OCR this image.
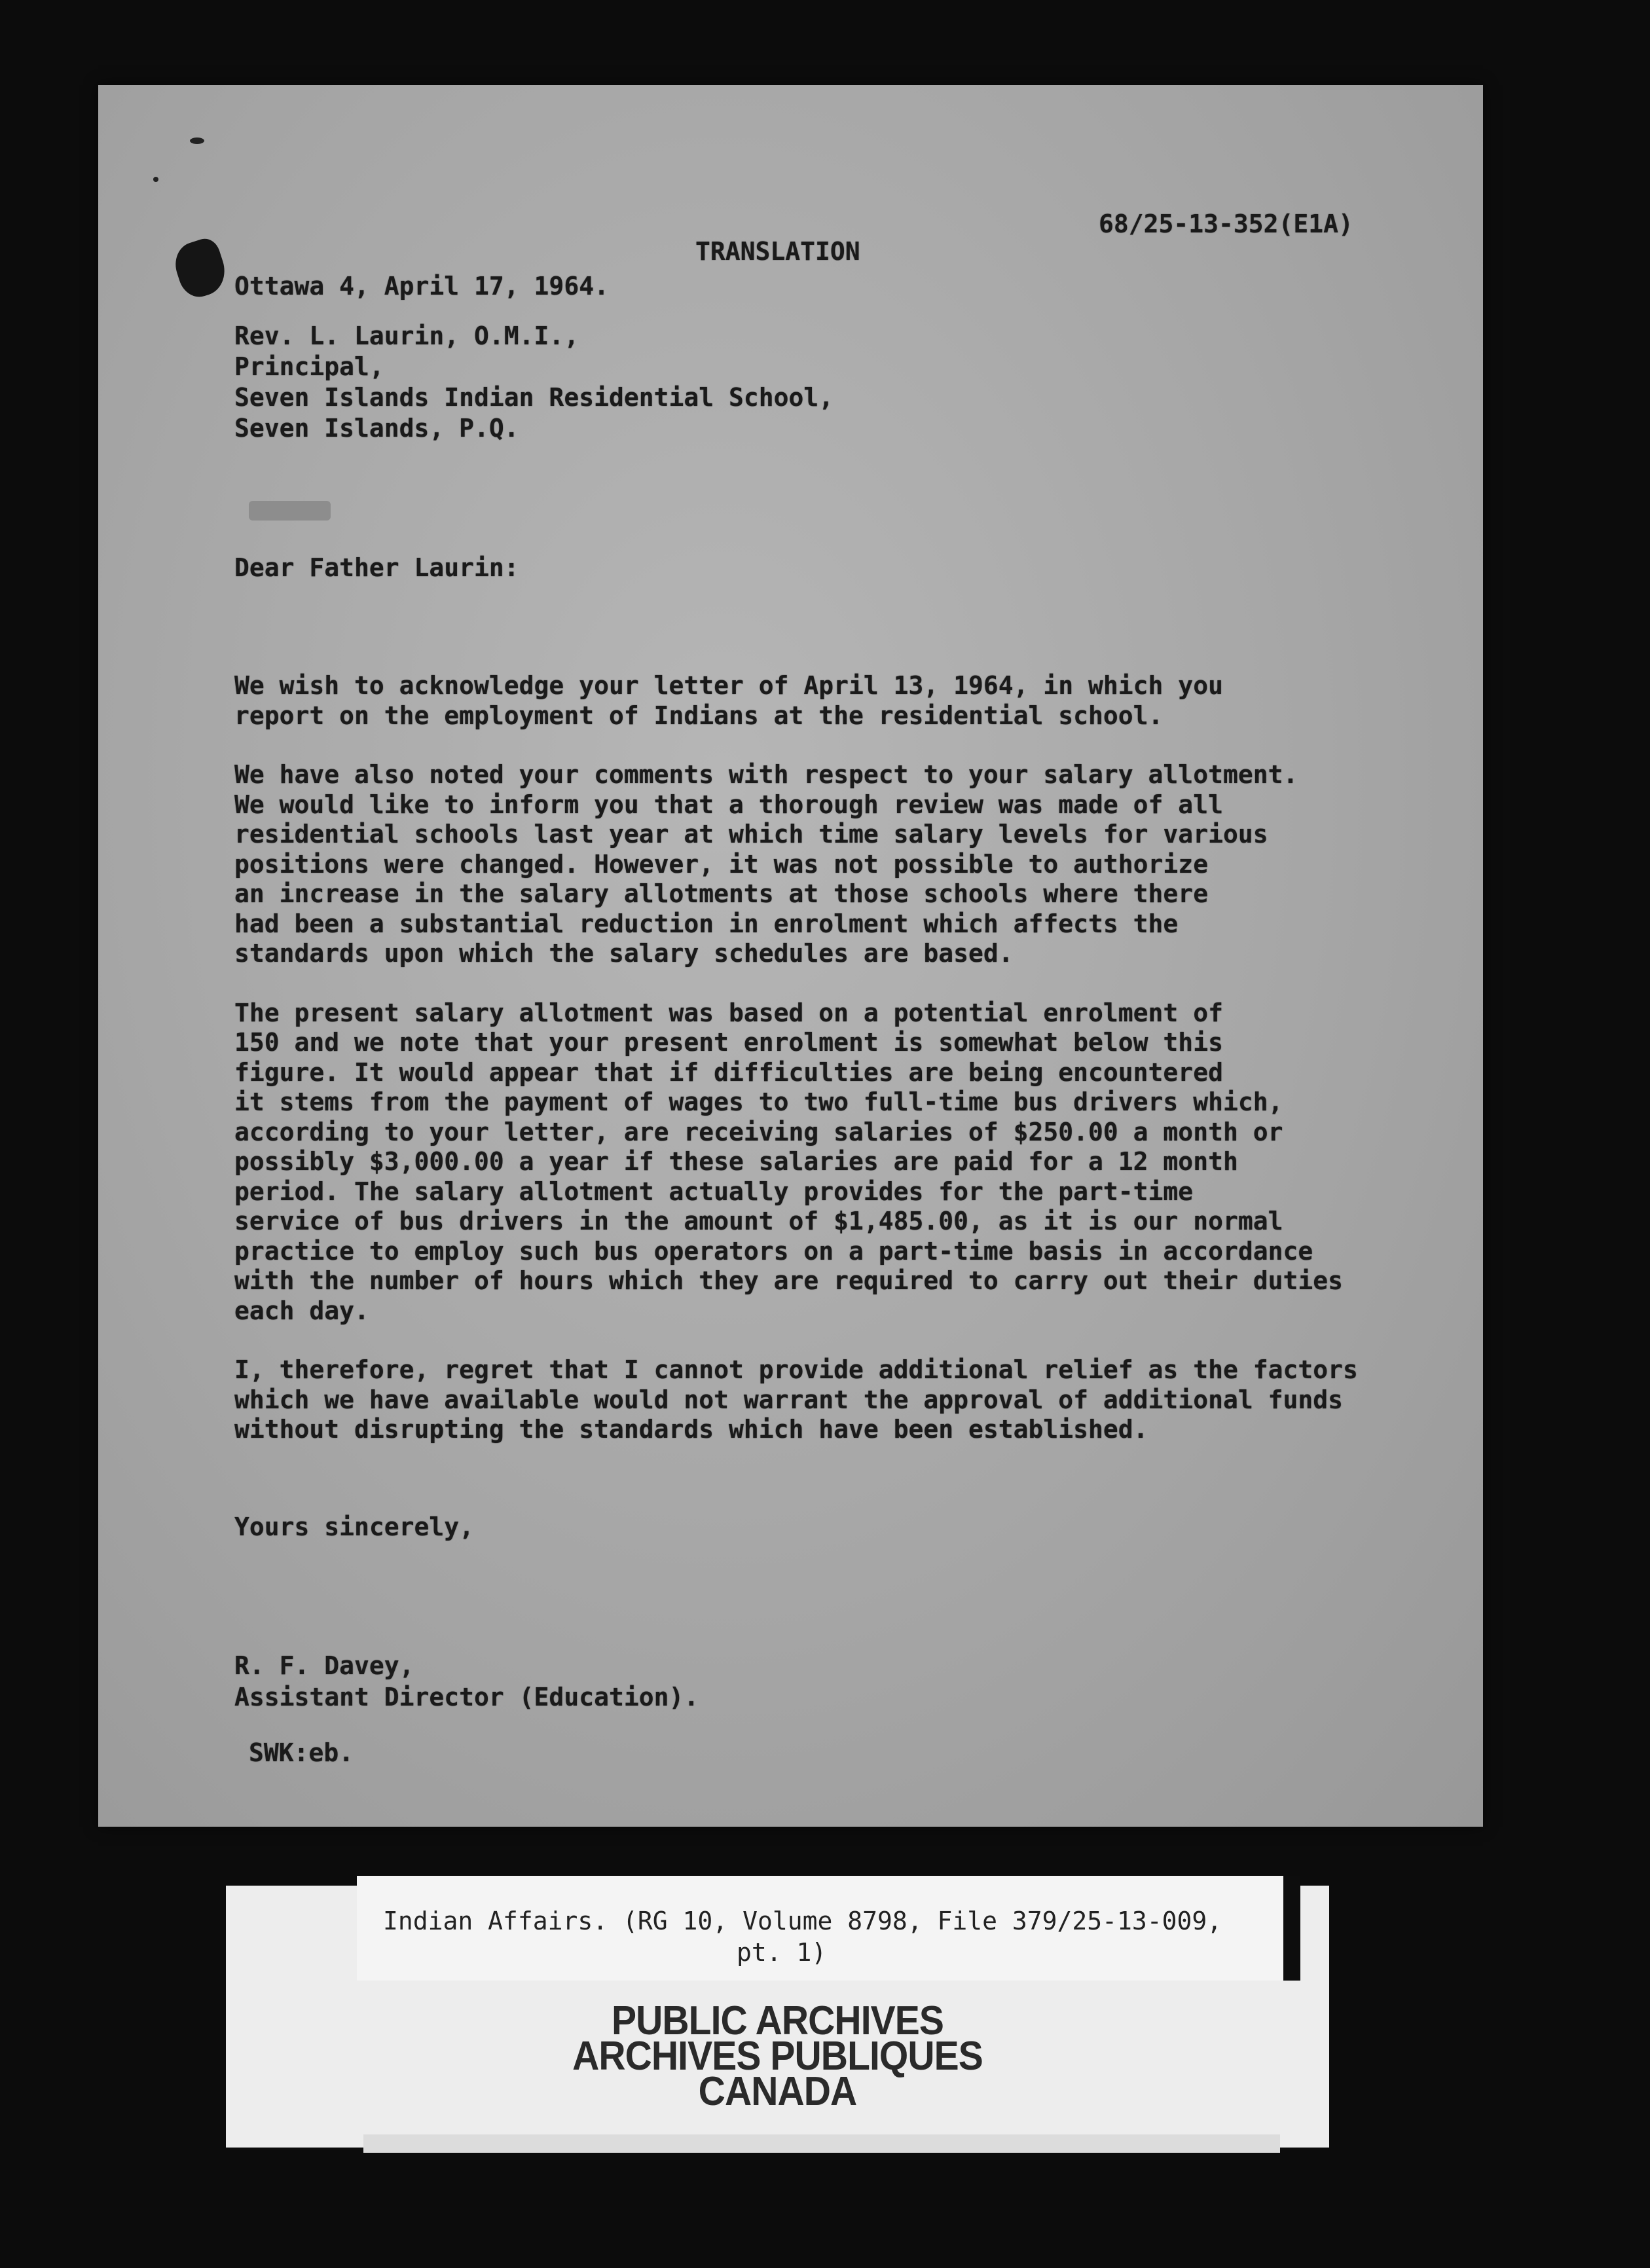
68/25-13-352(E1A)

TRANSLATION

Ottawa 4, April 17, 1964.

Rev. L. Laurin, O.M.I.,
Principal,
Seven Islands Indian Residential School,
Seven Islands, P.Q.

Dear Father Laurin:

We wish to acknowledge your letter of April 13, 1964, in which you
report on the employment of Indians at the residential school.

We have also noted your comments with respect to your salary allotment.
We would like to inform you that a thorough review was made of all
residential schools last year at which time salary levels for various
positions were changed. However, it was not possible to authorize
an increase in the salary allotments at those schools where there
had been a substantial reduction in enrolment which affects the
standards upon which the salary schedules are based.

The present salary allotment was based on a potential enrolment of
150 and we note that your present enrolment is somewhat below this
figure. It would appear that if difficulties are being encountered
it stems from the payment of wages to two full-time bus drivers which,
according to your letter, are receiving salaries of $250.00 a month or
possibly $3,000.00 a year if these salaries are paid for a 12 month
period. The salary allotment actually provides for the part-time
service of bus drivers in the amount of $1,485.00, as it is our normal
practice to employ such bus operators on a part-time basis in accordance
with the number of hours which they are required to carry out their duties
each day.

I, therefore, regret that I cannot provide additional relief as the factors
which we have available would not warrant the approval of additional funds
without disrupting the standards which have been established.

Yours sincerely,

R. F. Davey,
Assistant Director (Education).

SWK:eb.

Indian Affairs. (RG 10, Volume 8798, File 379/25-13-009,
pt. 1)
PUBLIC ARCHIVES
ARCHIVES PUBLIQUES
CANADA
